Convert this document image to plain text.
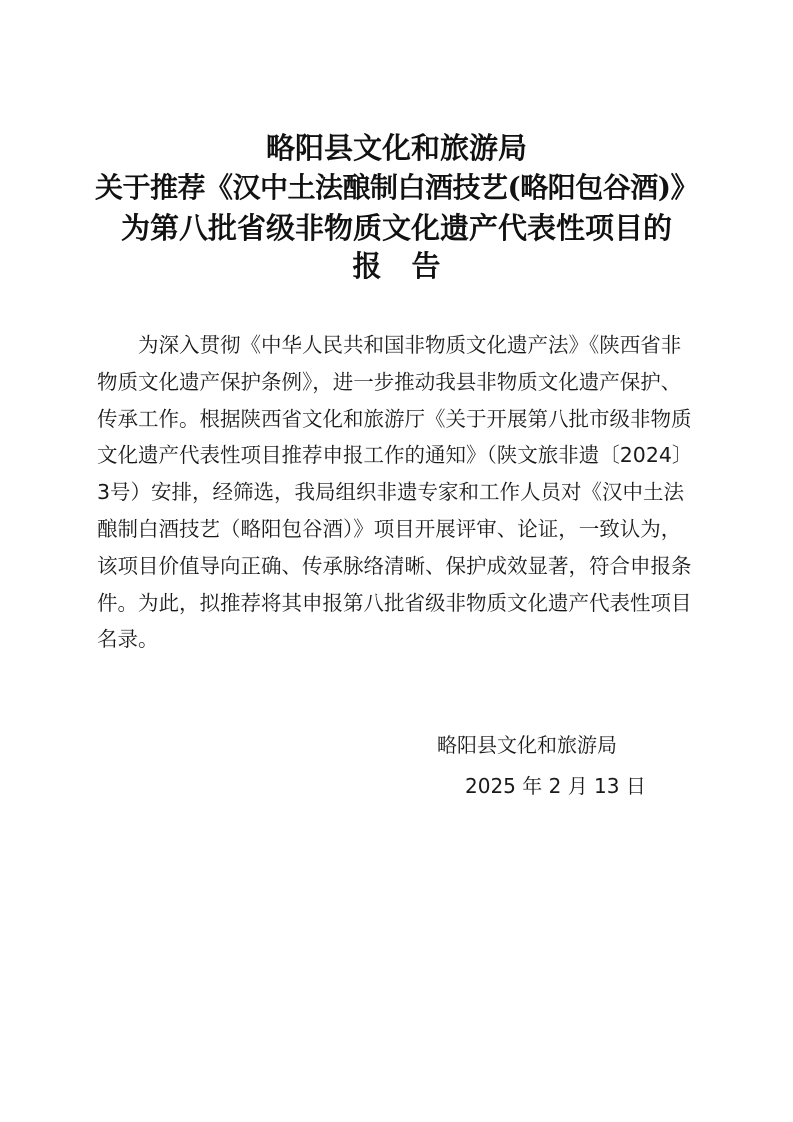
略阳县文化和旅游局
关于推荐《汉中土法酿制白酒技艺(略阳包谷酒)》
为第八批省级非物质文化遗产代表性项目的
报告
　　为深入贯彻《中华人民共和国非物质文化遗产法》《陕西省非
物质文化遗产保护条例》，进一步推动我县非物质文化遗产保护、
传承工作。根据陕西省文化和旅游厅《关于开展第八批市级非物质
文化遗产代表性项目推荐申报工作的通知》（陕文旅非遗〔2024〕
3号）安排，经筛选，我局组织非遗专家和工作人员对《汉中土法
酿制白酒技艺（略阳包谷酒）》项目开展评审、论证，一致认为，
该项目价值导向正确、传承脉络清晰、保护成效显著，符合申报条
件。为此，拟推荐将其申报第八批省级非物质文化遗产代表性项目
名录。
略阳县文化和旅游局
2025 年 2 月 13 日
